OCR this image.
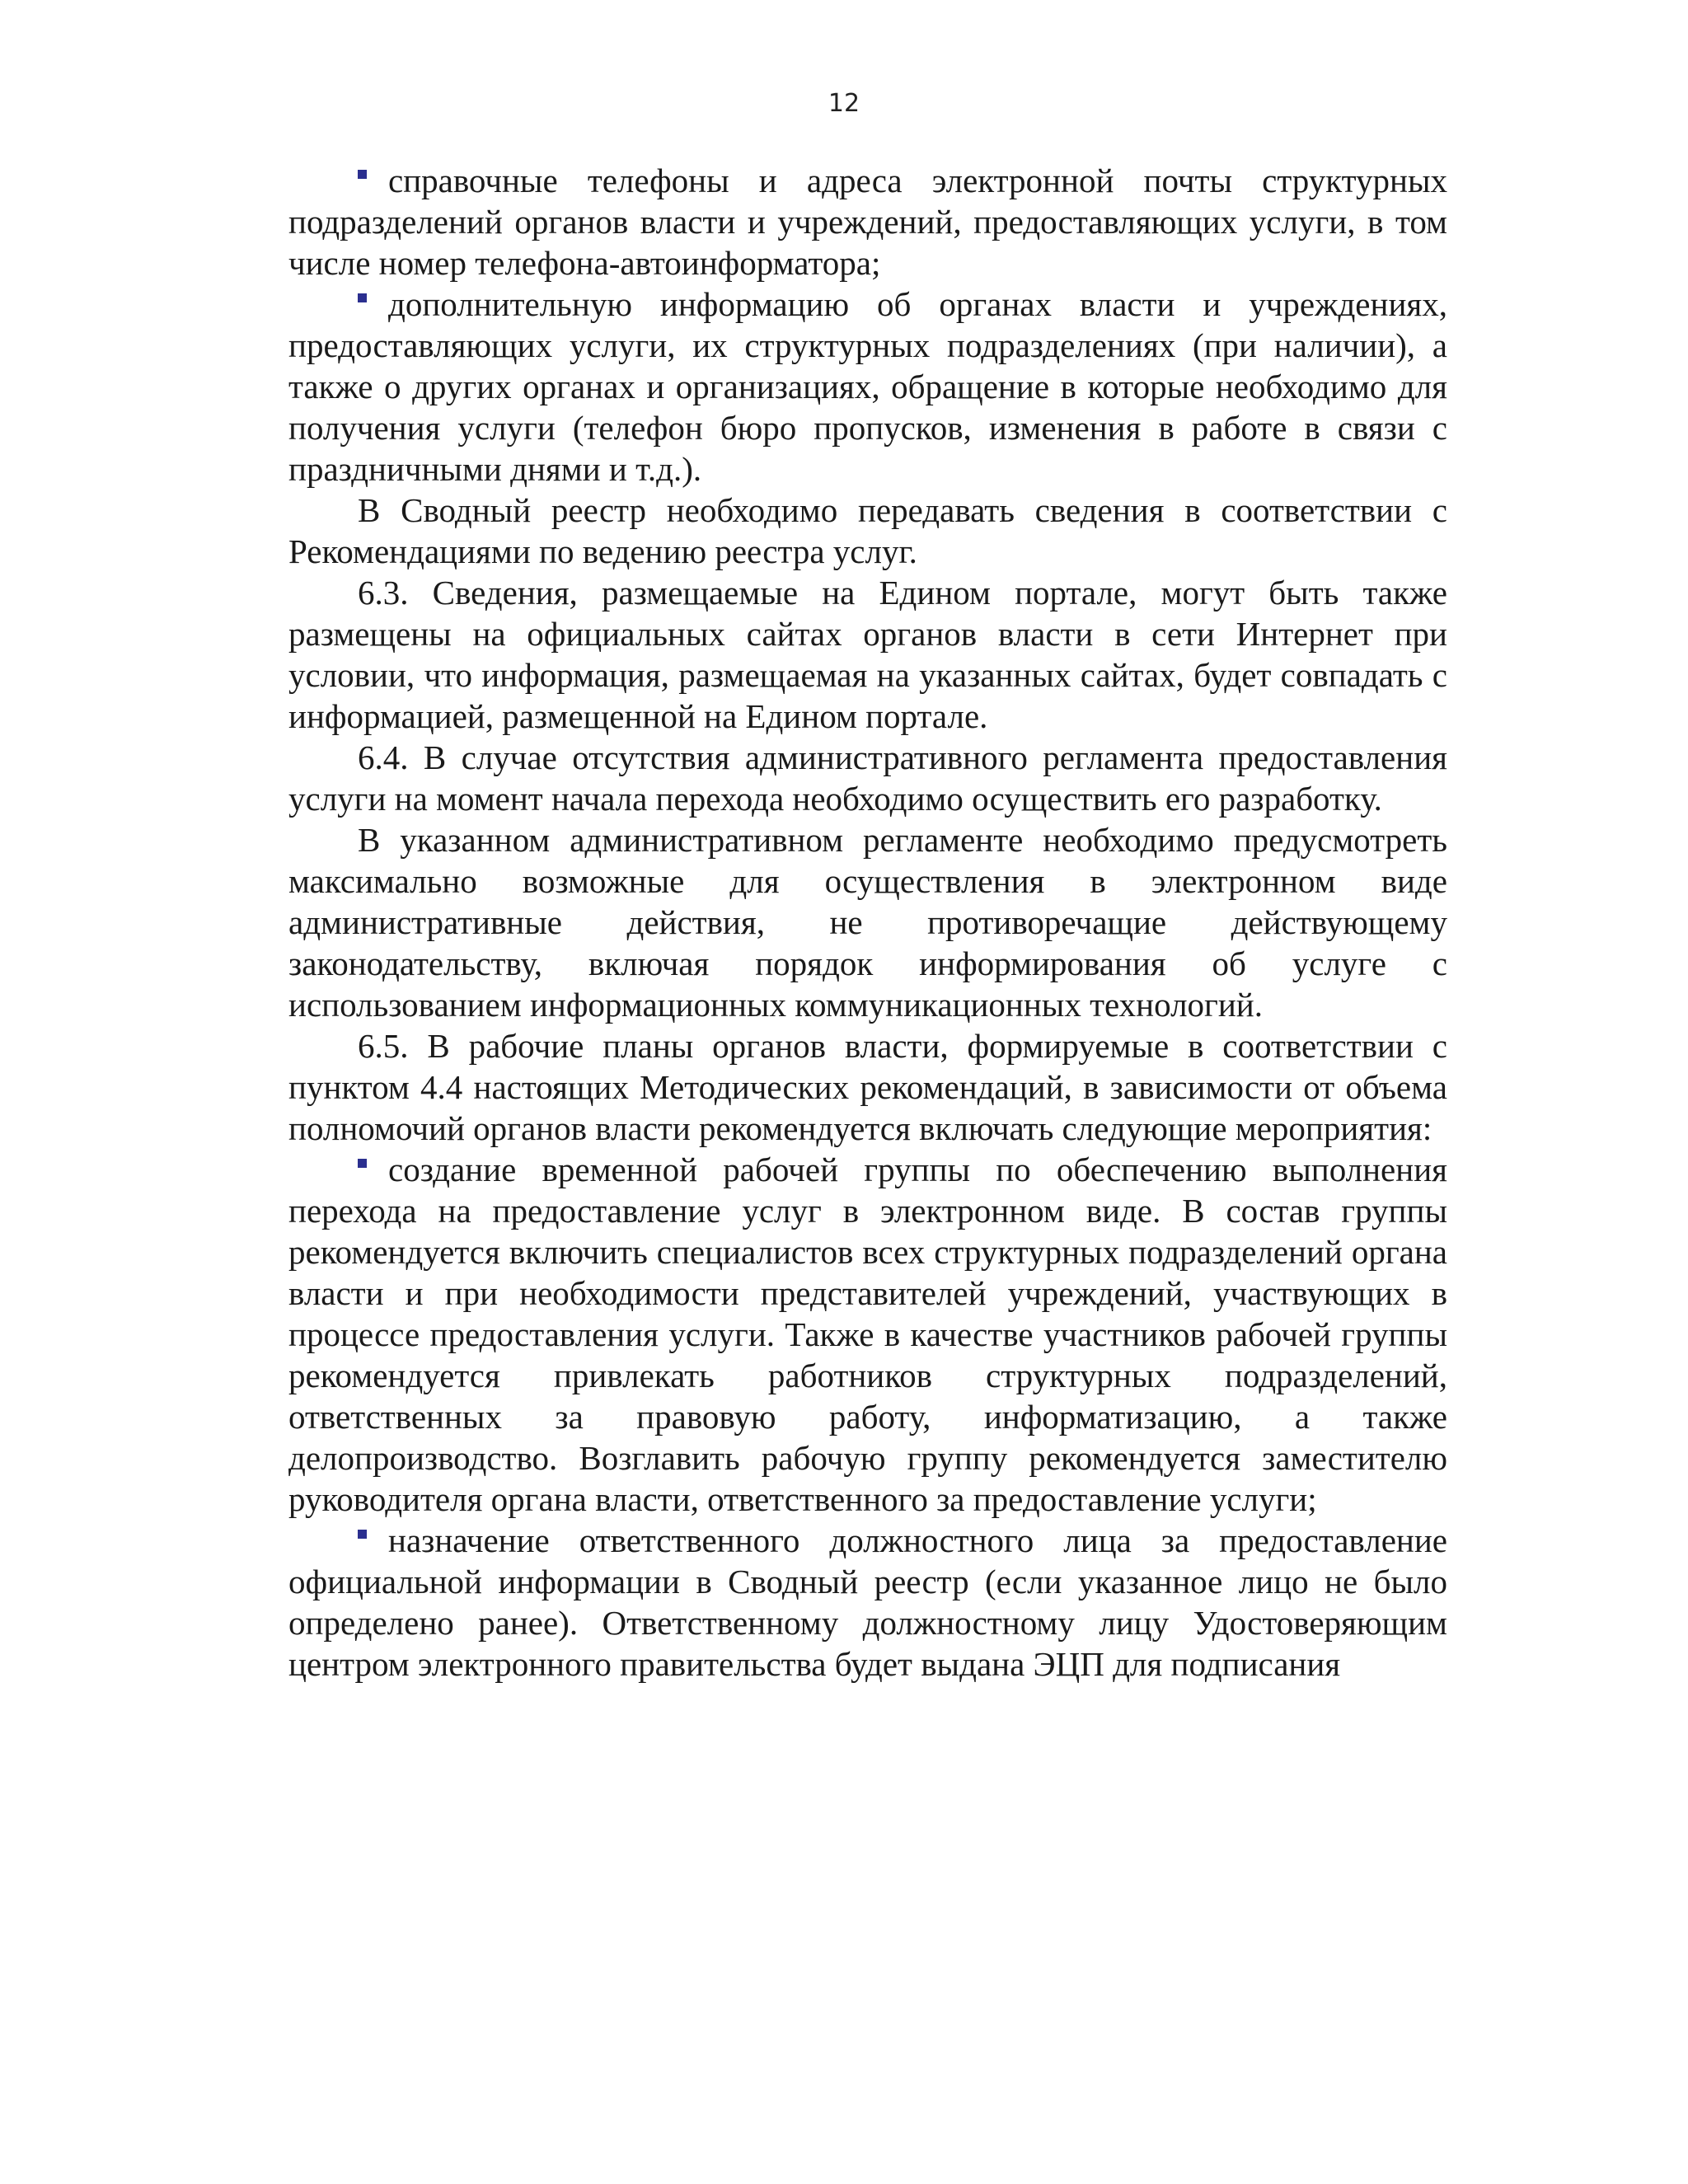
12

справочные телефоны и адреса электронной почты структурных подразделений органов власти и учреждений, предоставляющих услуги, в том числе номер телефона-автоинформатора;

дополнительную информацию об органах власти и учреждениях, предоставляющих услуги, их структурных подразделениях (при наличии), а также о других органах и организациях, обращение в которые необходимо для получения услуги (телефон бюро пропусков, изменения в работе в связи с праздничными днями и т.д.).

В Сводный реестр необходимо передавать сведения в соответствии с Рекомендациями по ведению реестра услуг.

6.3. Сведения, размещаемые на Едином портале, могут быть также размещены на официальных сайтах органов власти в сети Интернет при условии, что информация, размещаемая на указанных сайтах, будет совпадать с информацией, размещенной на Едином портале.

6.4. В случае отсутствия административного регламента предоставления услуги на момент начала перехода необходимо осуществить его разработку.

В указанном административном регламенте необходимо предусмотреть максимально возможные для осуществления в электронном виде административные действия, не противоречащие действующему законодательству, включая порядок информирования об услуге с использованием информационных коммуникационных технологий.

6.5. В рабочие планы органов власти, формируемые в соответствии с пунктом 4.4 настоящих Методических рекомендаций, в зависимости от объема полномочий органов власти рекомендуется включать следующие мероприятия:

создание временной рабочей группы по обеспечению выполнения перехода на предоставление услуг в электронном виде. В состав группы рекомендуется включить специалистов всех структурных подразделений органа власти и при необходимости представителей учреждений, участвующих в процессе предоставления услуги. Также в качестве участников рабочей группы рекомендуется привлекать работников структурных подразделений, ответственных за правовую работу, информатизацию, а также делопроизводство. Возглавить рабочую группу рекомендуется заместителю руководителя органа власти, ответственного за предоставление услуги;

назначение ответственного должностного лица за предоставление официальной информации в Сводный реестр (если указанное лицо не было определено ранее). Ответственному должностному лицу Удостоверяющим центром электронного правительства будет выдана ЭЦП для подписания
